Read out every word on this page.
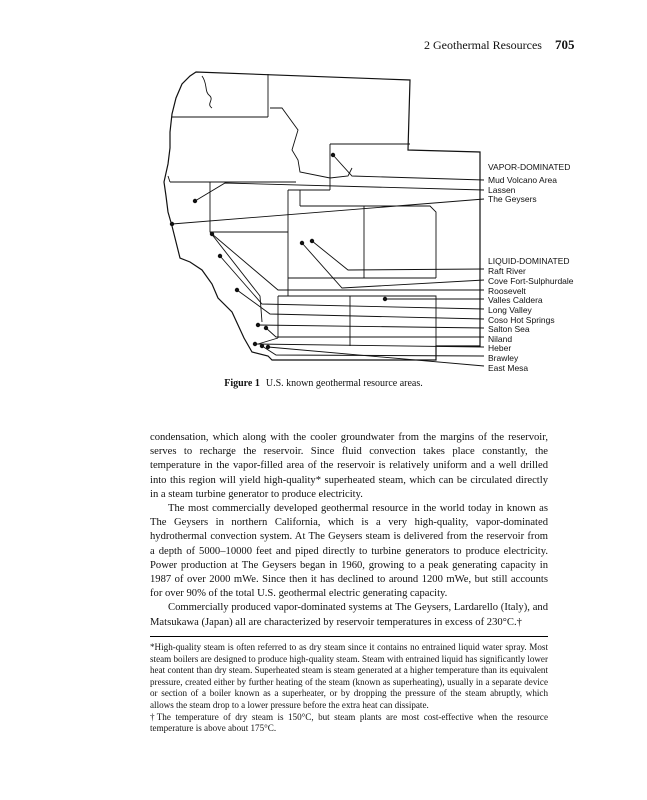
2 Geothermal Resources 705
VAPOR-DOMINATED
Mud Volcano Area
Lassen
The Geysers
LIQUID-DOMINATED
Raft River
Cove Fort-Sulphurdale
Roosevelt
Valles Caldera
Long Valley
Coso Hot Springs
Salton Sea
Niland
Heber
Brawley
East Mesa
Figure 1 U.S. known geothermal resource areas.

condensation, which along with the cooler groundwater from the margins of the reservoir, serves to recharge the reservoir. Since fluid convection takes place constantly, the temperature in the vapor-filled area of the reservoir is relatively uniform and a well drilled into this region will yield high-quality* superheated steam, which can be circulated directly in a steam turbine generator to produce electricity.

The most commercially developed geothermal resource in the world today in known as The Geysers in northern California, which is a very high-quality, vapor-dominated hydrothermal convection system. At The Geysers steam is delivered from the reservoir from a depth of 5000–10000 feet and piped directly to turbine generators to produce electricity. Power production at The Geysers began in 1960, growing to a peak generating capacity in 1987 of over 2000 mWe. Since then it has declined to around 1200 mWe, but still accounts for over 90% of the total U.S. geothermal electric generating capacity.

Commercially produced vapor-dominated systems at The Geysers, Lardarello (Italy), and Matsukawa (Japan) all are characterized by reservoir temperatures in excess of 230°C.†

*High-quality steam is often referred to as dry steam since it contains no entrained liquid water spray. Most steam boilers are designed to produce high-quality steam. Steam with entrained liquid has significantly lower heat content than dry steam. Superheated steam is steam generated at a higher temperature than its equivalent pressure, created either by further heating of the steam (known as superheating), usually in a separate device or section of a boiler known as a superheater, or by dropping the pressure of the steam abruptly, which allows the steam drop to a lower pressure before the extra heat can dissipate.

†The temperature of dry steam is 150°C, but steam plants are most cost-effective when the resource temperature is above about 175°C.
